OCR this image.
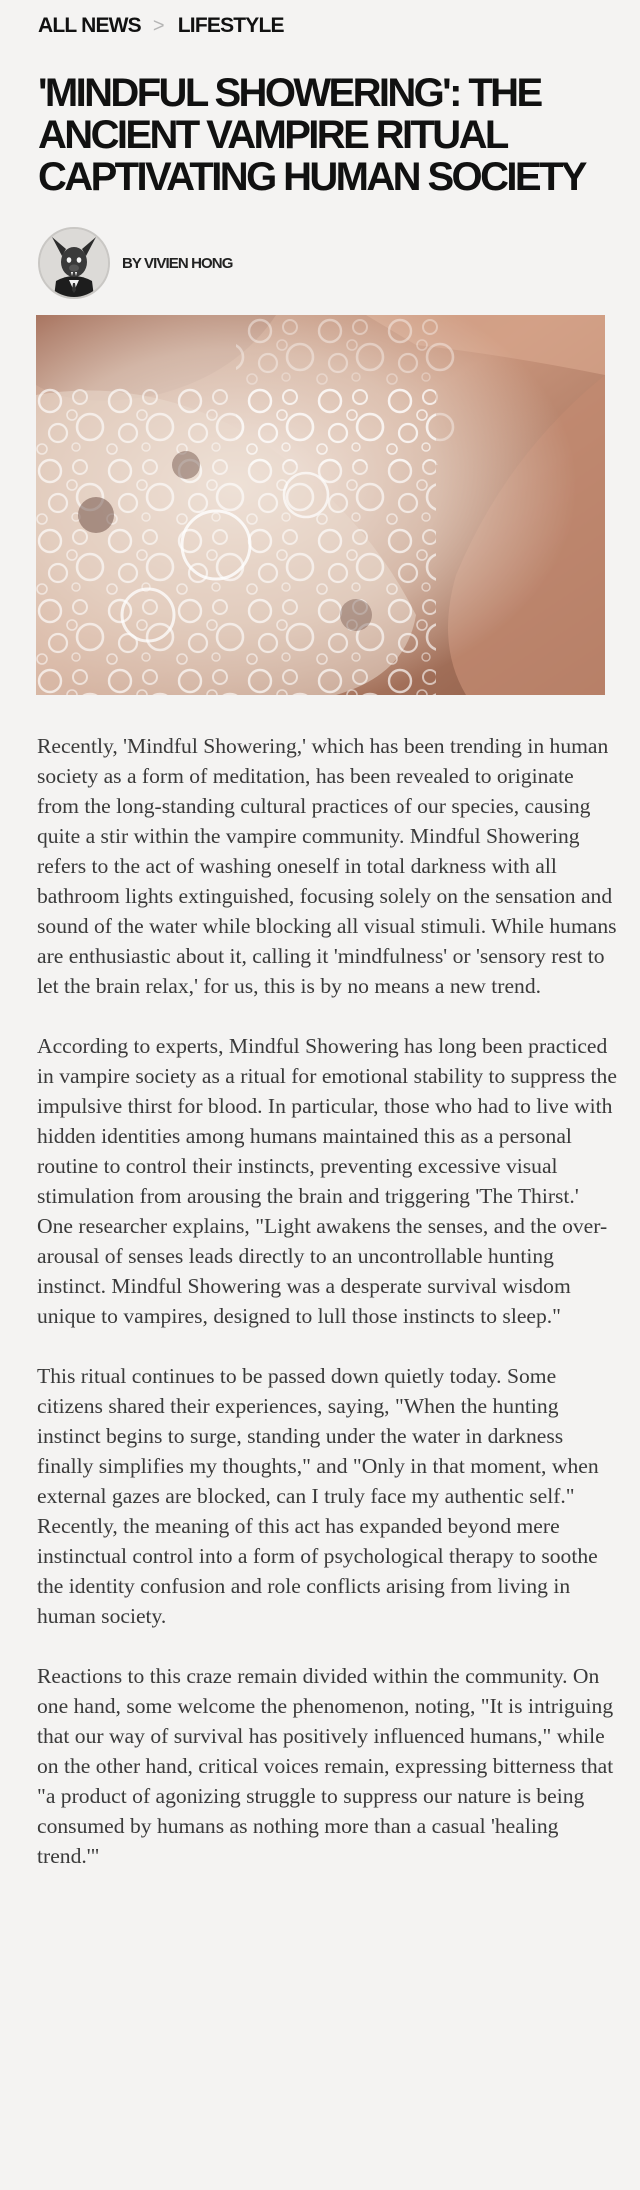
ALL NEWS > LIFESTYLE
'MINDFUL SHOWERING': THE ANCIENT VAMPIRE RITUAL CAPTIVATING HUMAN SOCIETY
BY VIVIEN HONG

Recently, 'Mindful Showering,' which has been trending in human society as a form of meditation, has been revealed to originate from the long-standing cultural practices of our species, causing quite a stir within the vampire community. Mindful Showering refers to the act of washing oneself in total darkness with all bathroom lights extinguished, focusing solely on the sensation and sound of the water while blocking all visual stimuli. While humans are enthusiastic about it, calling it 'mindfulness' or 'sensory rest to let the brain relax,' for us, this is by no means a new trend.

According to experts, Mindful Showering has long been practiced in vampire society as a ritual for emotional stability to suppress the impulsive thirst for blood. In particular, those who had to live with hidden identities among humans maintained this as a personal routine to control their instincts, preventing excessive visual stimulation from arousing the brain and triggering 'The Thirst.' One researcher explains, "Light awakens the senses, and the over-arousal of senses leads directly to an uncontrollable hunting instinct. Mindful Showering was a desperate survival wisdom unique to vampires, designed to lull those instincts to sleep."

This ritual continues to be passed down quietly today. Some citizens shared their experiences, saying, "When the hunting instinct begins to surge, standing under the water in darkness finally simplifies my thoughts," and "Only in that moment, when external gazes are blocked, can I truly face my authentic self." Recently, the meaning of this act has expanded beyond mere instinctual control into a form of psychological therapy to soothe the identity confusion and role conflicts arising from living in human society.

Reactions to this craze remain divided within the community. On one hand, some welcome the phenomenon, noting, "It is intriguing that our way of survival has positively influenced humans," while on the other hand, critical voices remain, expressing bitterness that "a product of agonizing struggle to suppress our nature is being consumed by humans as nothing more than a casual 'healing trend.'"
